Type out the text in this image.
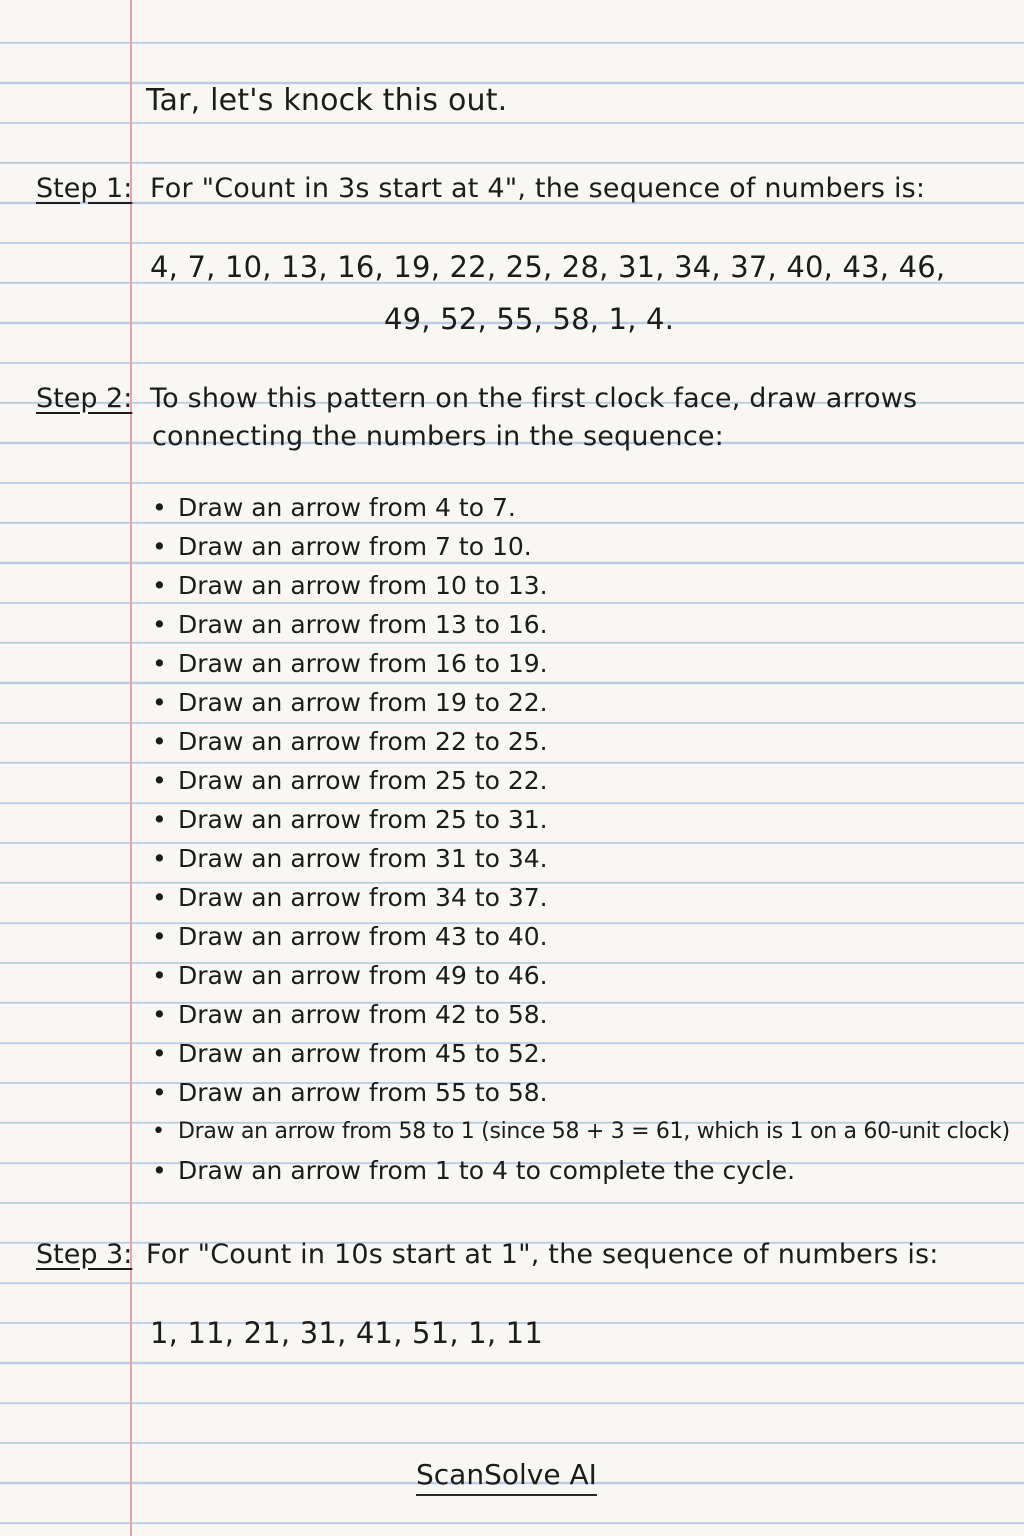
Tar, let's knock this out.
Step 1: For "Count in 3s start at 4", the sequence of numbers is:
4, 7, 10, 13, 16, 19, 22, 25, 28, 31, 34, 37, 40, 43, 46,
49, 52, 55, 58, 1, 4.
Step 2: To show this pattern on the first clock face, draw arrows
connecting the numbers in the sequence:
• Draw an arrow from 4 to 7.
• Draw an arrow from 7 to 10.
• Draw an arrow from 10 to 13.
• Draw an arrow from 13 to 16.
• Draw an arrow from 16 to 19.
• Draw an arrow from 19 to 22.
• Draw an arrow from 22 to 25.
• Draw an arrow from 25 to 22.
• Draw an arrow from 25 to 31.
• Draw an arrow from 31 to 34.
• Draw an arrow from 34 to 37.
• Draw an arrow from 43 to 40.
• Draw an arrow from 49 to 46.
• Draw an arrow from 42 to 58.
• Draw an arrow from 45 to 52.
• Draw an arrow from 55 to 58.
• Draw an arrow from 58 to 1 (since 58 + 3 = 61, which is 1 on a 60-unit clock)
• Draw an arrow from 1 to 4 to complete the cycle.
Step 3: For "Count in 10s start at 1", the sequence of numbers is:
1, 11, 21, 31, 41, 51, 1, 11
ScanSolve AI
